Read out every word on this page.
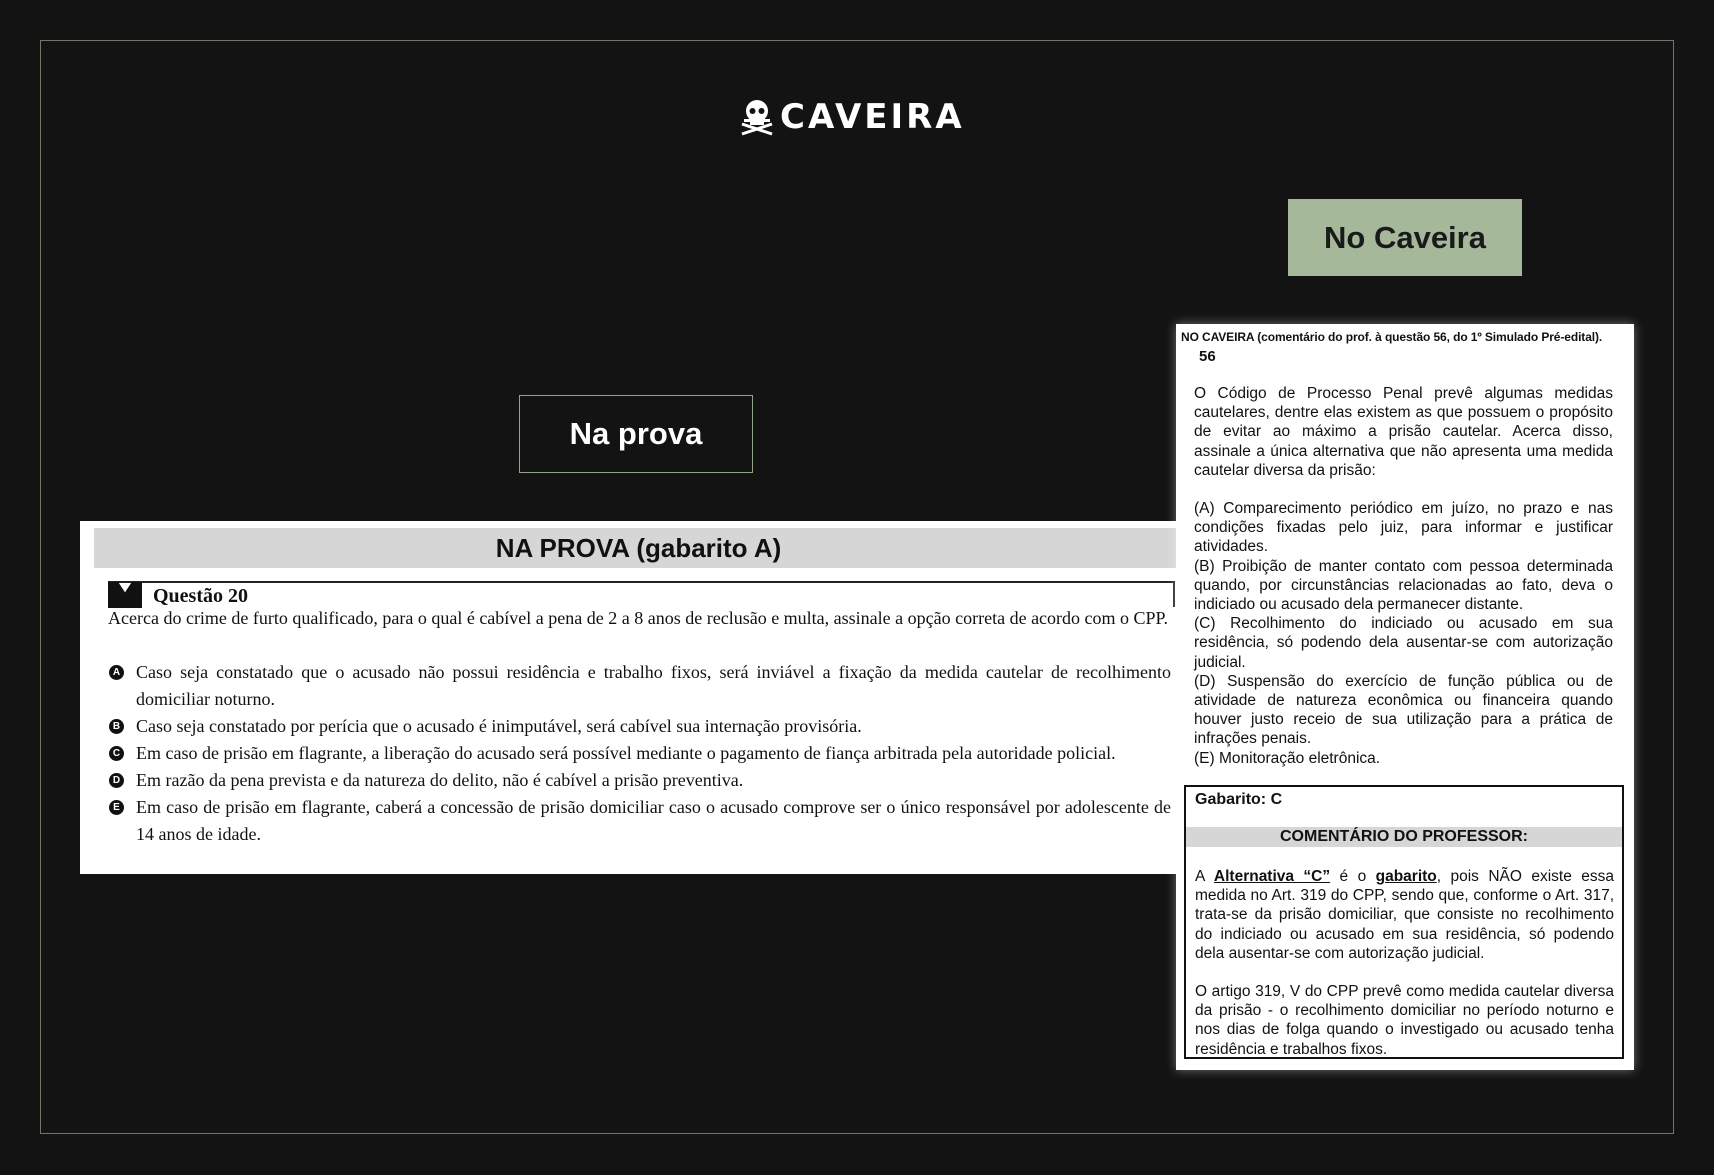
CAVEIRA
Na prova
No Caveira
NA PROVA (gabarito A)
Questão 20
Acerca do crime de furto qualificado, para o qual é cabível a pena de 2 a 8 anos de reclusão e multa, assinale a opção correta de acordo com o CPP.
A Caso seja constatado que o acusado não possui residência e trabalho fixos, será inviável a fixação da medida cautelar de recolhimento domiciliar noturno.
B Caso seja constatado por perícia que o acusado é inimputável, será cabível sua internação provisória.
C Em caso de prisão em flagrante, a liberação do acusado será possível mediante o pagamento de fiança arbitrada pela autoridade policial.
D Em razão da pena prevista e da natureza do delito, não é cabível a prisão preventiva.
E Em caso de prisão em flagrante, caberá a concessão de prisão domiciliar caso o acusado comprove ser o único responsável por adolescente de 14 anos de idade.
NO CAVEIRA (comentário do prof. à questão 56, do 1º Simulado Pré-edital).
56

O Código de Processo Penal prevê algumas medidas cautelares, dentre elas existem as que possuem o propósito de evitar ao máximo a prisão cautelar. Acerca disso, assinale a única alternativa que não apresenta uma medida cautelar diversa da prisão:

(A) Comparecimento periódico em juízo, no prazo e nas condições fixadas pelo juiz, para informar e justificar atividades.

(B) Proibição de manter contato com pessoa determinada quando, por circunstâncias relacionadas ao fato, deva o indiciado ou acusado dela permanecer distante.

(C) Recolhimento do indiciado ou acusado em sua residência, só podendo dela ausentar-se com autorização judicial.

(D) Suspensão do exercício de função pública ou de atividade de natureza econômica ou financeira quando houver justo receio de sua utilização para a prática de infrações penais.

(E) Monitoração eletrônica.

Gabarito: C
COMENTÁRIO DO PROFESSOR:

A Alternativa “C” é o gabarito, pois NÃO existe essa medida no Art. 319 do CPP, sendo que, conforme o Art. 317, trata-se da prisão domiciliar, que consiste no recolhimento do indiciado ou acusado em sua residência, só podendo dela ausentar-se com autorização judicial.

O artigo 319, V do CPP prevê como medida cautelar diversa da prisão - o recolhimento domiciliar no período noturno e nos dias de folga quando o investigado ou acusado tenha residência e trabalhos fixos.
